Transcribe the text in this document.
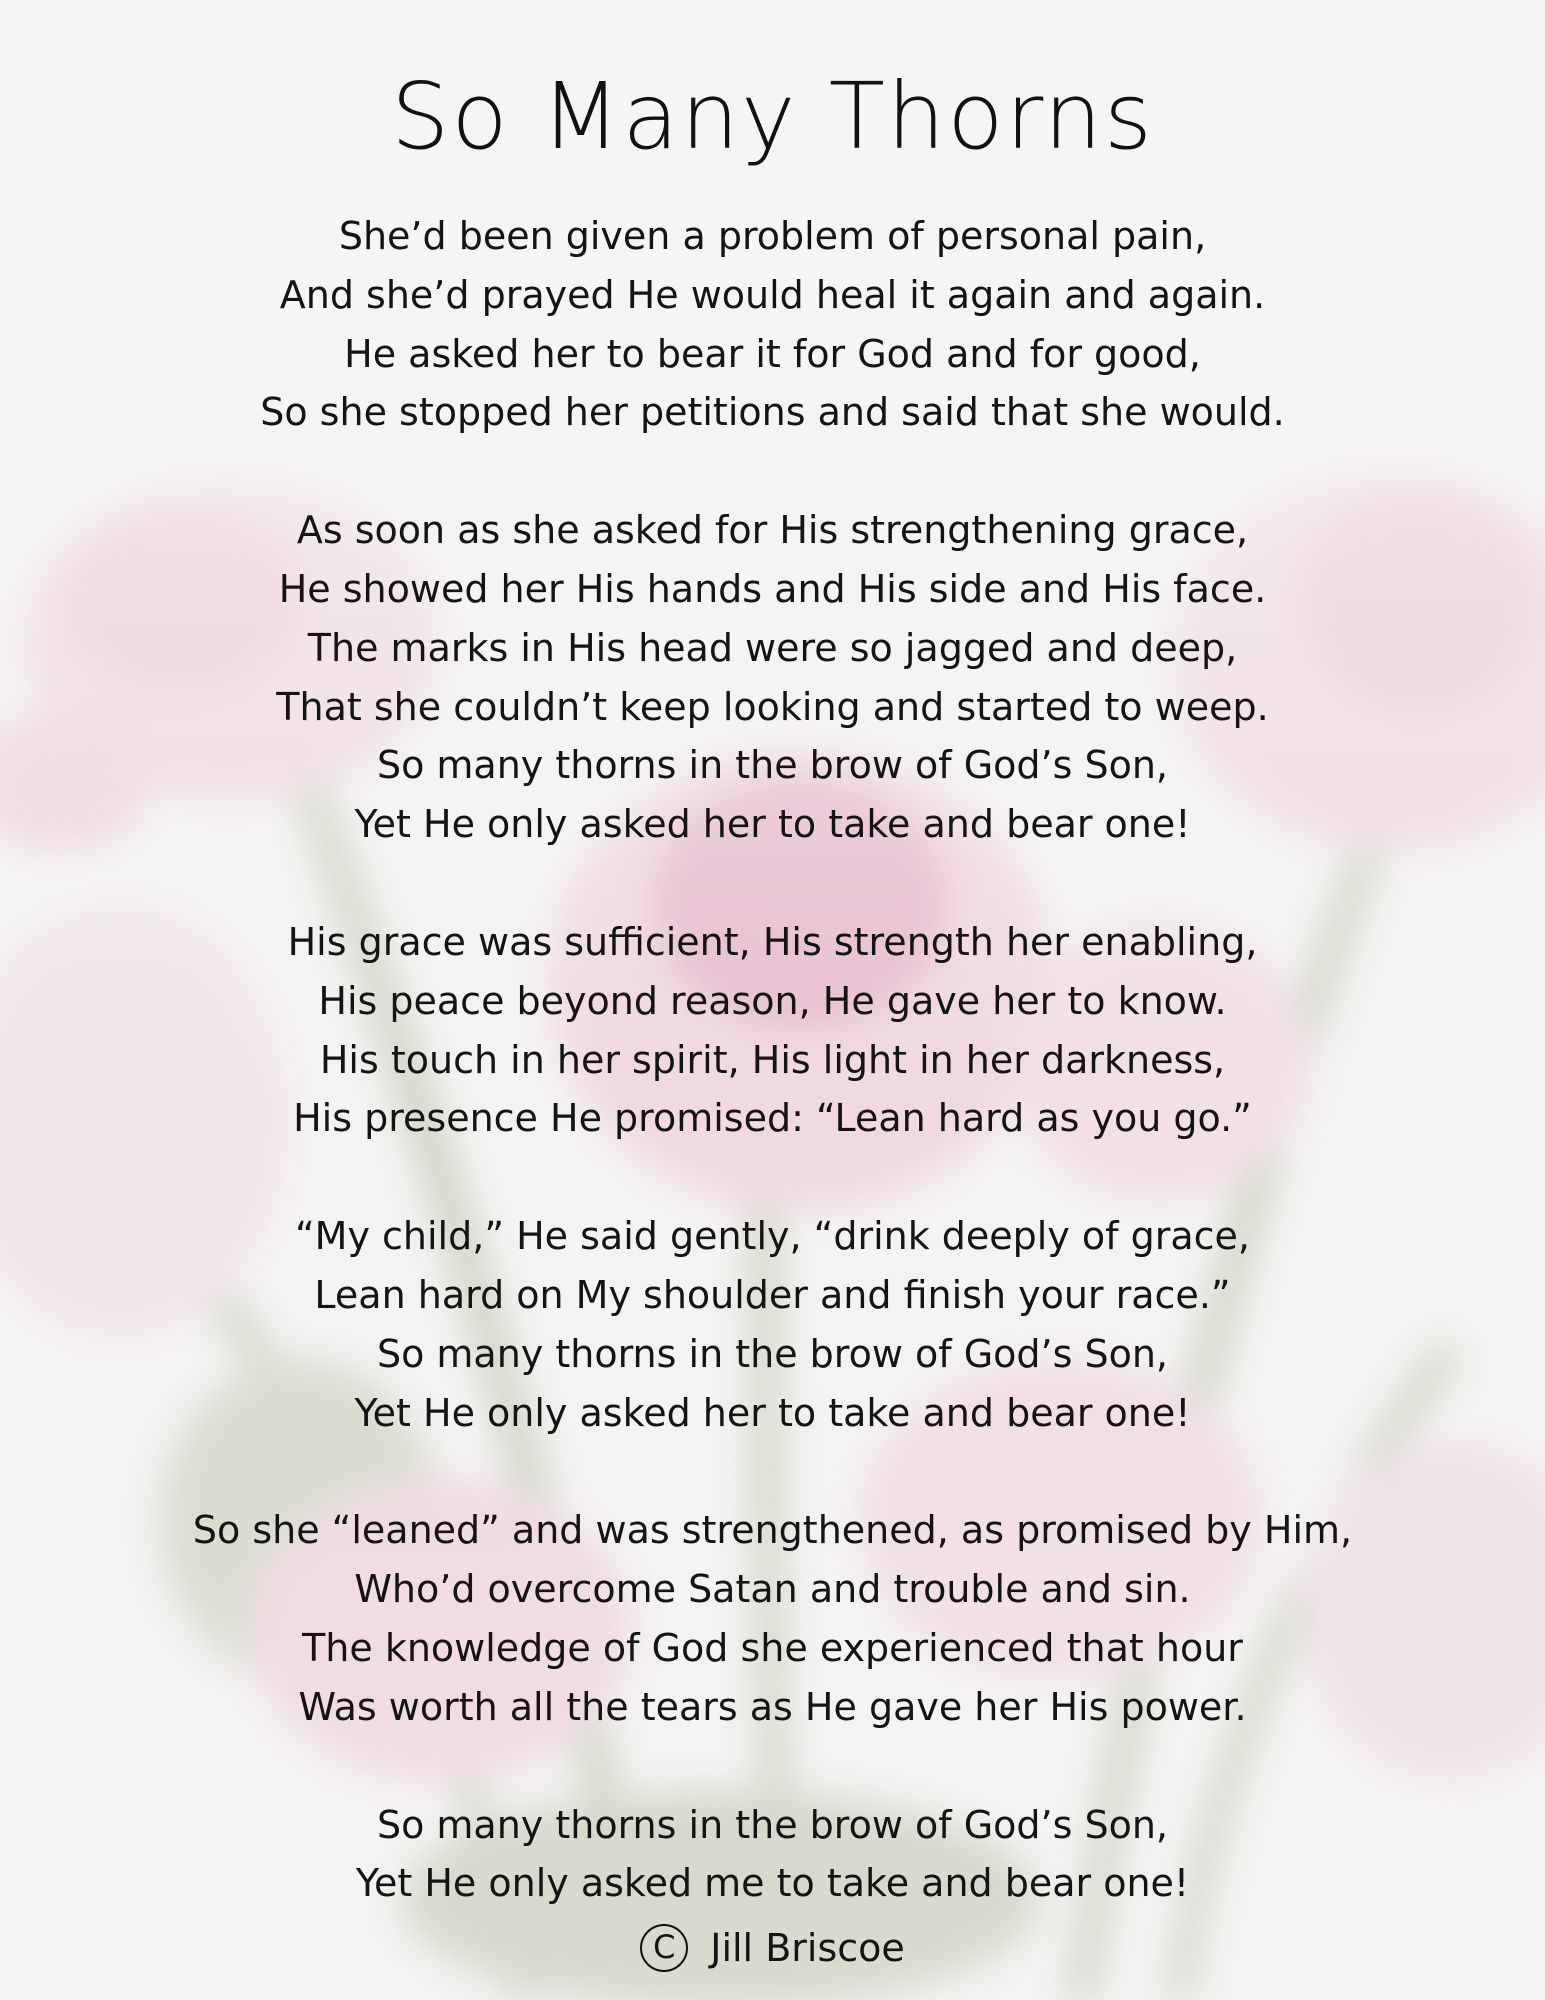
So Many Thorns
She’d been given a problem of personal pain,
And she’d prayed He would heal it again and again.
He asked her to bear it for God and for good,
So she stopped her petitions and said that she would.
As soon as she asked for His strengthening grace,
He showed her His hands and His side and His face.
The marks in His head were so jagged and deep,
That she couldn’t keep looking and started to weep.
So many thorns in the brow of God’s Son,
Yet He only asked her to take and bear one!
His grace was sufficient, His strength her enabling,
His peace beyond reason, He gave her to know.
His touch in her spirit, His light in her darkness,
His presence He promised: “Lean hard as you go.”
“My child,” He said gently, “drink deeply of grace,
Lean hard on My shoulder and finish your race.”
So many thorns in the brow of God’s Son,
Yet He only asked her to take and bear one!
So she “leaned” and was strengthened, as promised by Him,
Who’d overcome Satan and trouble and sin.
The knowledge of God she experienced that hour
Was worth all the tears as He gave her His power.
So many thorns in the brow of God’s Son,
Yet He only asked me to take and bear one!
C Jill Briscoe
